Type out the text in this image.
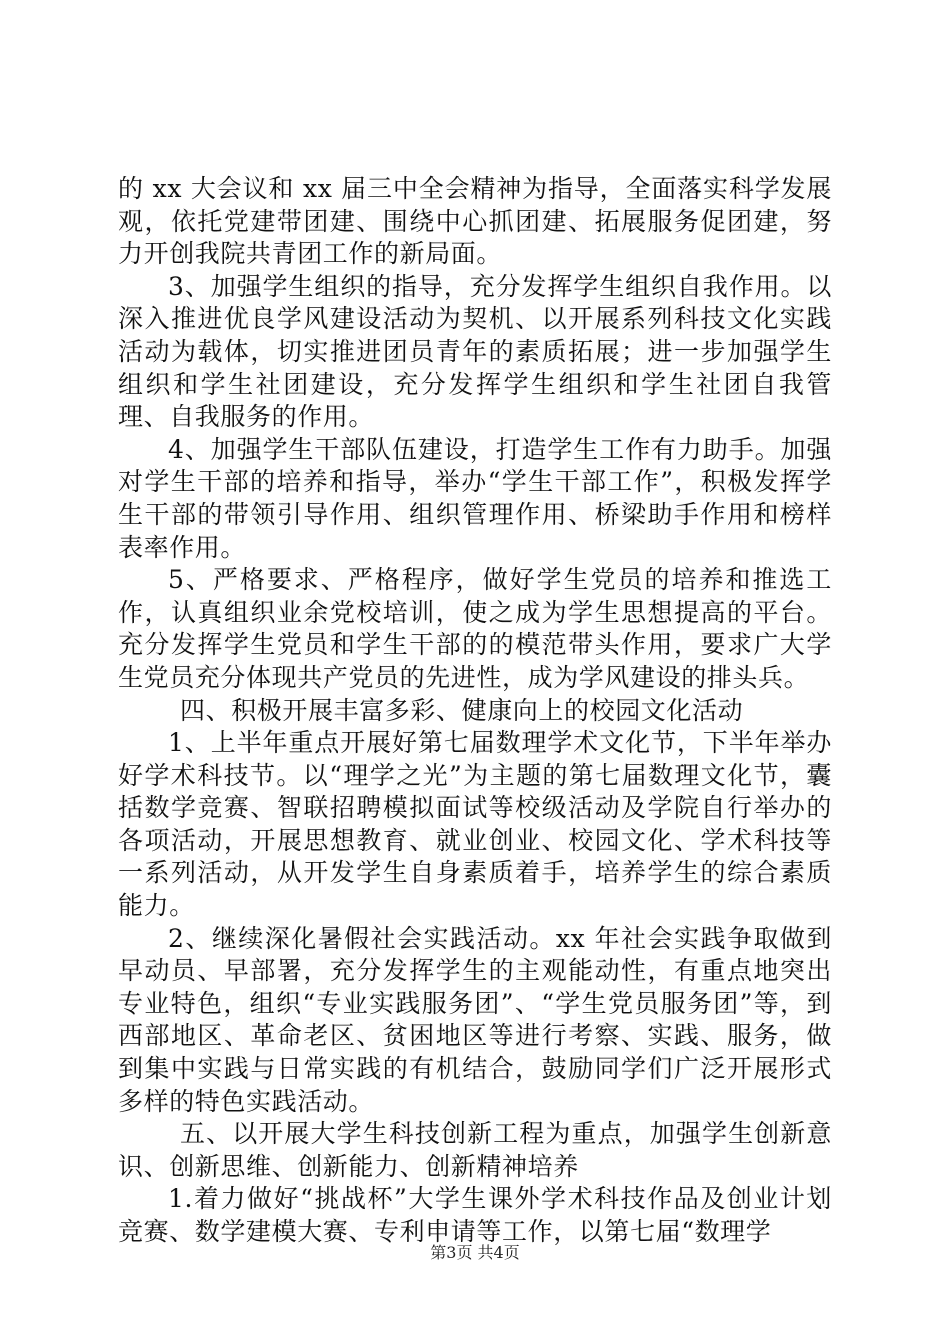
的 xx 大会议和 xx 届三中全会精神为指导，全面落实科学发展观，依托党建带团建、围绕中心抓团建、拓展服务促团建，努力开创我院共青团工作的新局面。

3、加强学生组织的指导，充分发挥学生组织自我作用。以深入推进优良学风建设活动为契机、以开展系列科技文化实践活动为载体，切实推进团员青年的素质拓展；进一步加强学生组织和学生社团建设，充分发挥学生组织和学生社团自我管理、自我服务的作用。

4、加强学生干部队伍建设，打造学生工作有力助手。加强对学生干部的培养和指导，举办“学生干部工作”，积极发挥学生干部的带领引导作用、组织管理作用、桥梁助手作用和榜样表率作用。

5、严格要求、严格程序，做好学生党员的培养和推选工作，认真组织业余党校培训，使之成为学生思想提高的平台。充分发挥学生党员和学生干部的的模范带头作用，要求广大学生党员充分体现共产党员的先进性，成为学风建设的排头兵。

四、积极开展丰富多彩、健康向上的校园文化活动

1、上半年重点开展好第七届数理学术文化节，下半年举办好学术科技节。以“理学之光”为主题的第七届数理文化节，囊括数学竞赛、智联招聘模拟面试等校级活动及学院自行举办的各项活动，开展思想教育、就业创业、校园文化、学术科技等一系列活动，从开发学生自身素质着手，培养学生的综合素质能力。

2、继续深化暑假社会实践活动。xx 年社会实践争取做到早动员、早部署，充分发挥学生的主观能动性，有重点地突出专业特色，组织“专业实践服务团”、“学生党员服务团”等，到西部地区、革命老区、贫困地区等进行考察、实践、服务，做到集中实践与日常实践的有机结合，鼓励同学们广泛开展形式多样的特色实践活动。

五、以开展大学生科技创新工程为重点，加强学生创新意识、创新思维、创新能力、创新精神培养

1.着力做好“挑战杯”大学生课外学术科技作品及创业计划竞赛、数学建模大赛、专利申请等工作，以第七届“数理学

第3页 共4页
